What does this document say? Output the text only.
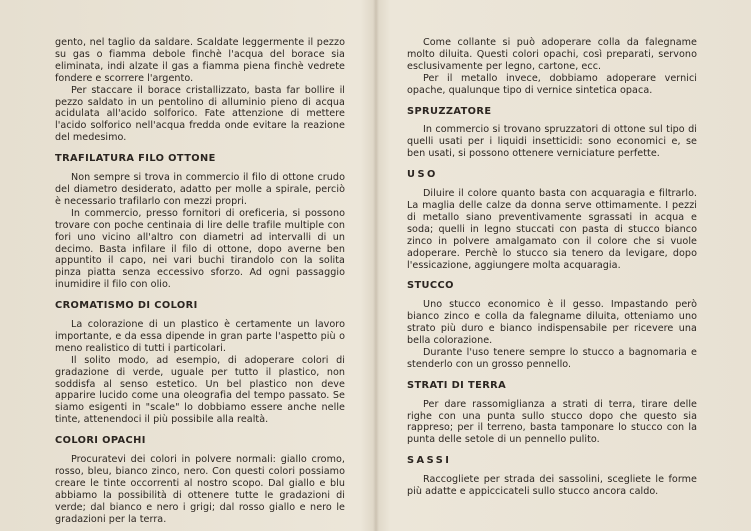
gento, nel taglio da saldare. Scaldate leggermente il pezzo su gas o fiamma debole finchè l'acqua del borace sia eliminata, indi alzate il gas a fiamma piena finchè vedrete fondere e scorrere l'argento.

Per staccare il borace cristallizzato, basta far bollire il pezzo saldato in un pentolino di alluminio pieno di acqua acidulata all'acido solforico. Fate attenzione di mettere l'acido solforico nell'acqua fredda onde evitare la reazione del medesimo.

TRAFILATURA FILO OTTONE

Non sempre si trova in commercio il filo di ottone crudo del diametro desiderato, adatto per molle a spirale, perciò è necessario trafilarlo con mezzi propri.

In commercio, presso fornitori di oreficeria, si possono trovare con poche centinaia di lire delle trafile multiple con fori uno vicino all'altro con diametri ad intervalli di un decimo. Basta infilare il filo di ottone, dopo averne ben appuntito il capo, nei vari buchi tirandolo con la solita pinza piatta senza eccessivo sforzo. Ad ogni passaggio inumidire il filo con olio.

CROMATISMO DI COLORI

La colorazione di un plastico è certamente un lavoro importante, e da essa dipende in gran parte l'aspetto più o meno realistico di tutti i particolari.

Il solito modo, ad esempio, di adoperare colori di gradazione di verde, uguale per tutto il plastico, non soddisfa al senso estetico. Un bel plastico non deve apparire lucido come una oleografia del tempo passato. Se siamo esigenti in "scale" lo dobbiamo essere anche nelle tinte, attenendoci il più possibile alla realtà.

COLORI OPACHI

Procuratevi dei colori in polvere normali: giallo cromo, rosso, bleu, bianco zinco, nero. Con questi colori possiamo creare le tinte occorrenti al nostro scopo. Dal giallo e blu abbiamo la possibilità di ottenere tutte le gradazioni di verde; dal bianco e nero i grigi; dal rosso giallo e nero le gradazioni per la terra.

Come collante si può adoperare colla da falegname molto diluita. Questi colori opachi, così preparati, servono esclusivamente per legno, cartone, ecc.

Per il metallo invece, dobbiamo adoperare vernici opache, qualunque tipo di vernice sintetica opaca.

SPRUZZATORE

In commercio si trovano spruzzatori di ottone sul tipo di quelli usati per i liquidi insetticidi: sono economici e, se ben usati, si possono ottenere verniciature perfette.

USO

Diluire il colore quanto basta con acquaragia e filtrarlo. La maglia delle calze da donna serve ottimamente. I pezzi di metallo siano preventivamente sgrassati in acqua e soda; quelli in legno stuccati con pasta di stucco bianco zinco in polvere amalgamato con il colore che si vuole adoperare. Perchè lo stucco sia tenero da levigare, dopo l'essicazione, aggiungere molta acquaragia.

STUCCO

Uno stucco economico è il gesso. Impastando però bianco zinco e colla da falegname diluita, otteniamo uno strato più duro e bianco indispensabile per ricevere una bella colorazione.

Durante l'uso tenere sempre lo stucco a bagnomaria e stenderlo con un grosso pennello.

STRATI DI TERRA

Per dare rassomiglianza a strati di terra, tirare delle righe con una punta sullo stucco dopo che questo sia rappreso; per il terreno, basta tamponare lo stucco con la punta delle setole di un pennello pulito.

SASSI

Raccogliete per strada dei sassolini, scegliete le forme più adatte e appiccicateli sullo stucco ancora caldo.
